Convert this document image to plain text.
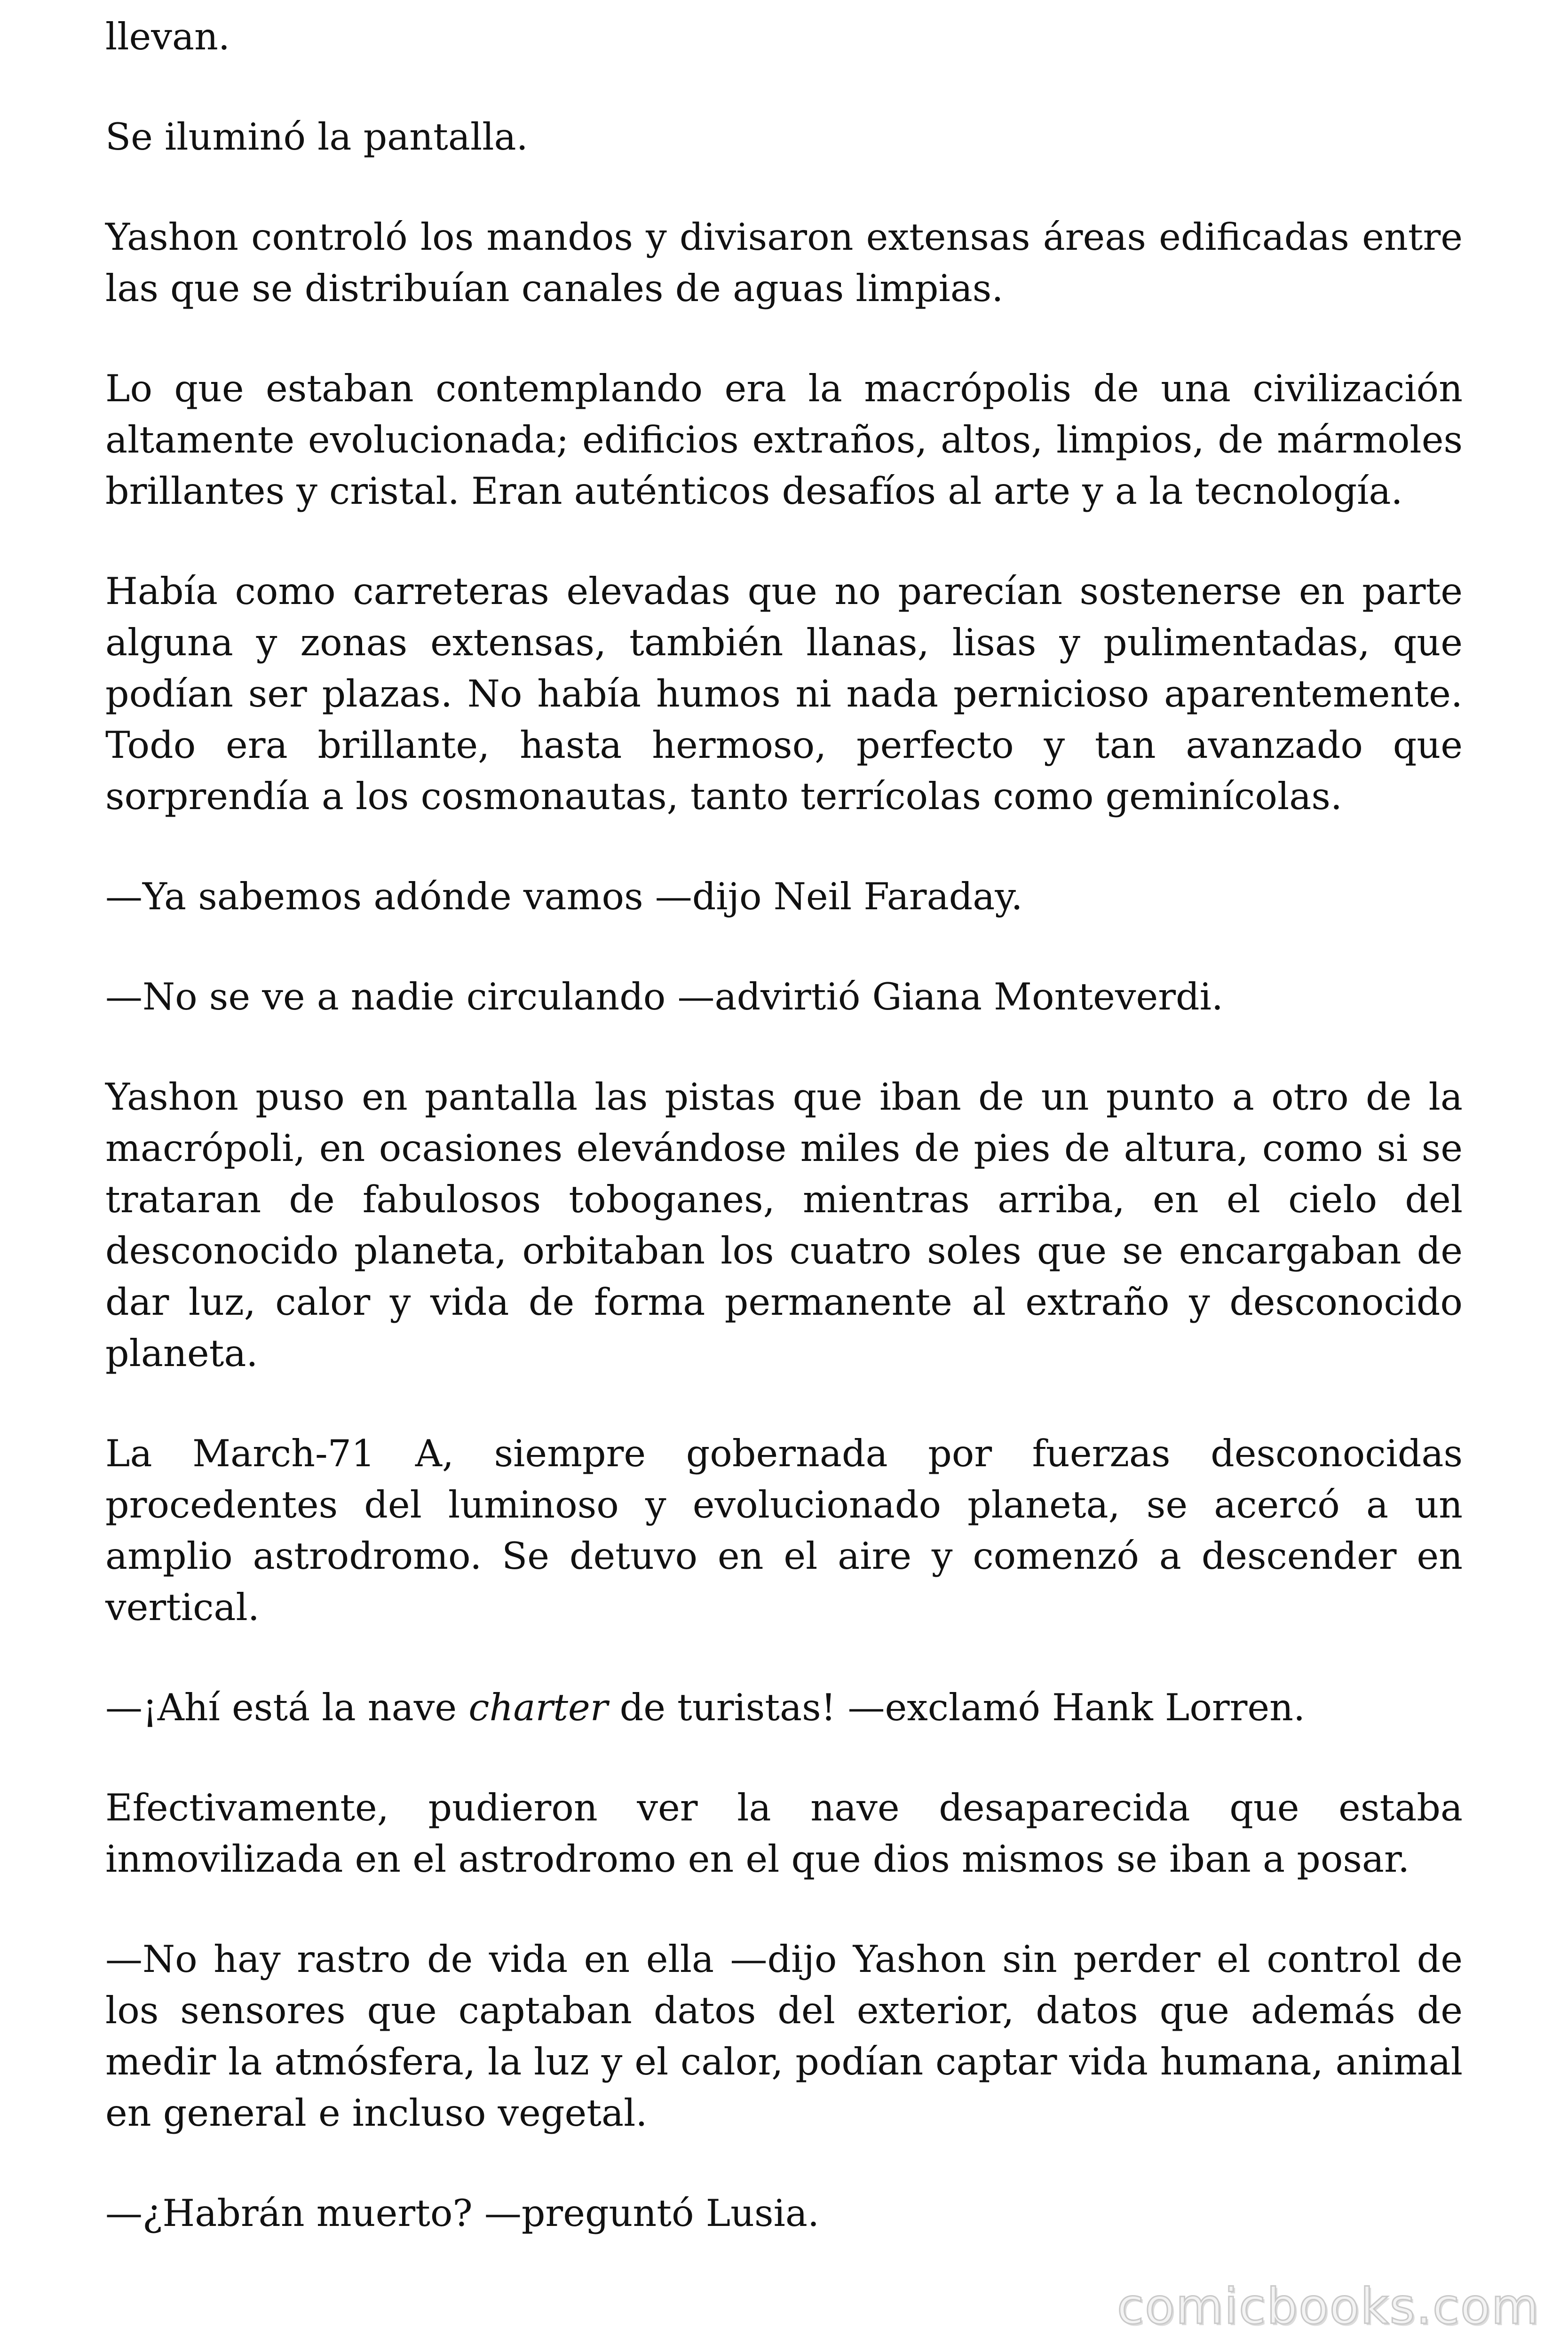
llevan.

Se iluminó la pantalla.

Yashon controló los mandos y divisaron extensas áreas edificadas entre las que se distribuían canales de aguas limpias.

Lo que estaban contemplando era la macrópolis de una civilización altamente evolucionada; edificios extraños, altos, limpios, de mármoles brillantes y cristal. Eran auténticos desafíos al arte y a la tecnología.

Había como carreteras elevadas que no parecían sostenerse en parte alguna y zonas extensas, también llanas, lisas y pulimentadas, que podían ser plazas. No había humos ni nada pernicioso aparentemente. Todo era brillante, hasta hermoso, perfecto y tan avanzado que sorprendía a los cosmonautas, tanto terrícolas como geminícolas.

—Ya sabemos adónde vamos —dijo Neil Faraday.

—No se ve a nadie circulando —advirtió Giana Monteverdi.

Yashon puso en pantalla las pistas que iban de un punto a otro de la macrópoli, en ocasiones elevándose miles de pies de altura, como si se trataran de fabulosos toboganes, mientras arriba, en el cielo del desconocido planeta, orbitaban los cuatro soles que se encargaban de dar luz, calor y vida de forma permanente al extraño y desconocido planeta.

La March-71 A, siempre gobernada por fuerzas desconocidas procedentes del luminoso y evolucionado planeta, se acercó a un amplio astrodromo. Se detuvo en el aire y comenzó a descender en vertical.

—¡Ahí está la nave charter de turistas! —exclamó Hank Lorren.

Efectivamente, pudieron ver la nave desaparecida que estaba inmovilizada en el astrodromo en el que dios mismos se iban a posar.

—No hay rastro de vida en ella —dijo Yashon sin perder el control de los sensores que captaban datos del exterior, datos que además de medir la atmósfera, la luz y el calor, podían captar vida humana, animal en general e incluso vegetal.

—¿Habrán muerto? —preguntó Lusia.

comicbooks.com
